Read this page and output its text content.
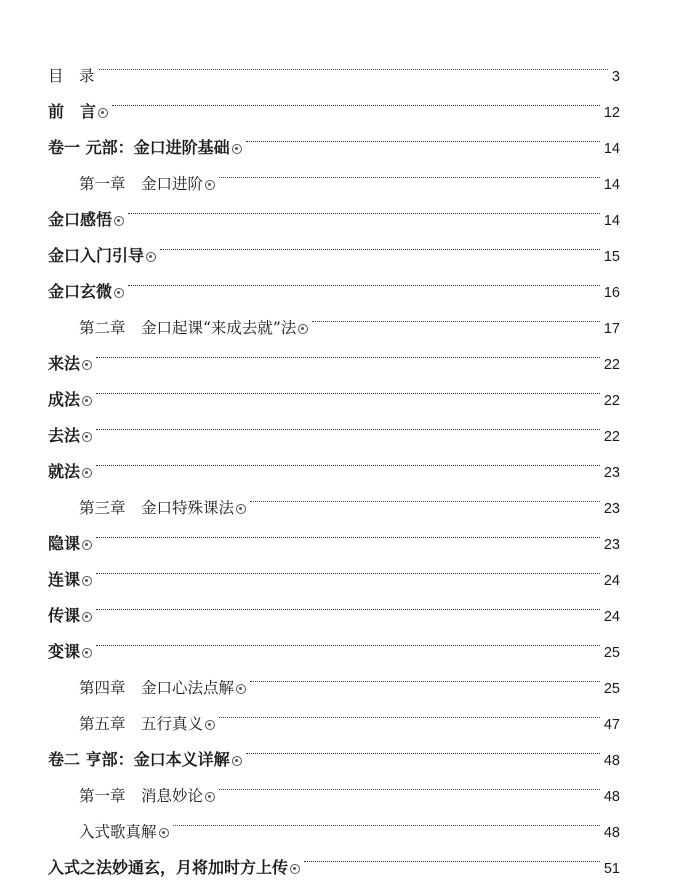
目　录	3
前　言	12
卷一 元部：金口进阶基础	14
第一章　金口进阶	14
金口感悟	14
金口入门引导	15
金口玄微	16
第二章　金口起课“来成去就”法	17
来法	22
成法	22
去法	22
就法	23
第三章　金口特殊课法	23
隐课	23
连课	24
传课	24
变课	25
第四章　金口心法点解	25
第五章　五行真义	47
卷二 亨部：金口本义详解	48
第一章　消息妙论	48
入式歌真解	48
入式之法妙通玄，月将加时方上传	51
